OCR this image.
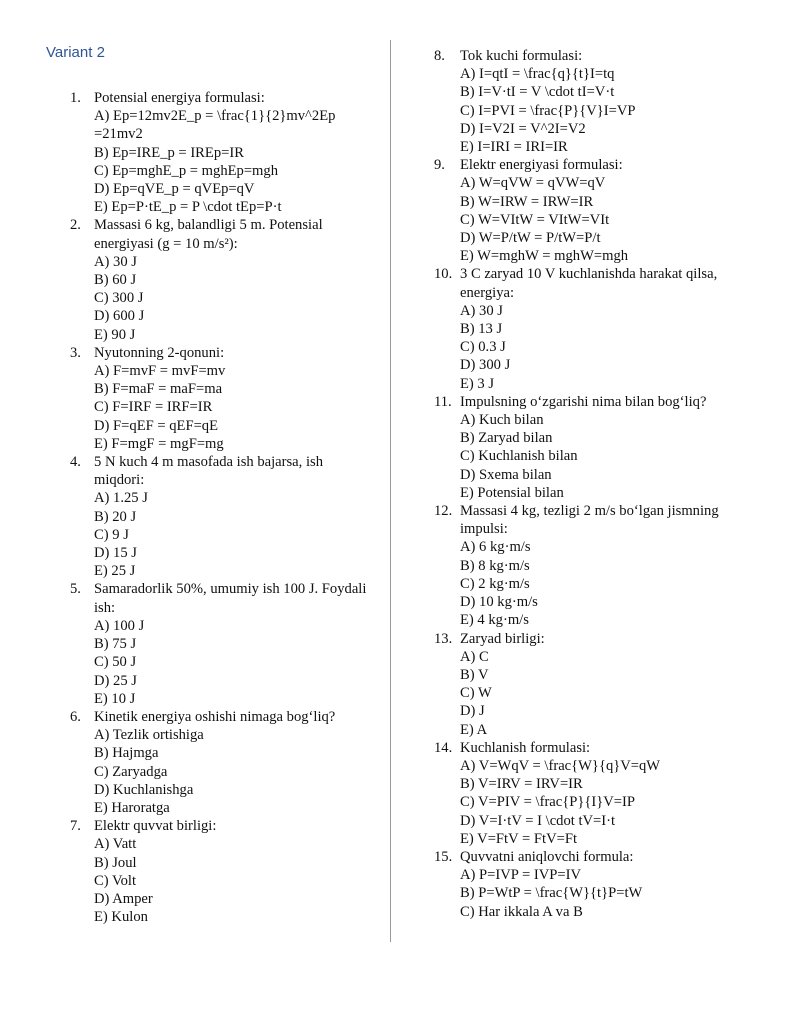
Variant 2
1. Potensial energiya formulasi:
A) Ep=12mv2E_p = \frac{1}{2}mv^2Ep =21mv2
B) Ep=IRE_p = IREp=IR
C) Ep=mghE_p = mghEp=mgh
D) Ep=qVE_p = qVEp=qV
E) Ep=P·tE_p = P \cdot tEp=P·t
2. Massasi 6 kg, balandligi 5 m. Potensial energiyasi (g = 10 m/s²):
A) 30 J
B) 60 J
C) 300 J
D) 600 J
E) 90 J
3. Nyutonning 2-qonuni:
A) F=mvF = mvF=mv
B) F=maF = maF=ma
C) F=IRF = IRF=IR
D) F=qEF = qEF=qE
E) F=mgF = mgF=mg
4. 5 N kuch 4 m masofada ish bajarsa, ish miqdori:
A) 1.25 J
B) 20 J
C) 9 J
D) 15 J
E) 25 J
5. Samaradorlik 50%, umumiy ish 100 J. Foydali ish:
A) 100 J
B) 75 J
C) 50 J
D) 25 J
E) 10 J
6. Kinetik energiya oshishi nimaga bog‘liq?
A) Tezlik ortishiga
B) Hajmga
C) Zaryadga
D) Kuchlanishga
E) Haroratga
7. Elektr quvvat birligi:
A) Vatt
B) Joul
C) Volt
D) Amper
E) Kulon
8.	Tok kuchi formulasi:
A) I=qtI = \frac{q}{t}I=tq
B) I=V·tI = V \cdot tI=V·t
C) I=PVI = \frac{P}{V}I=VP
D) I=V2I = V^2I=V2
E) I=IRI = IRI=IR
9.	Elektr energiyasi formulasi:
A) W=qVW = qVW=qV
B) W=IRW = IRW=IR
C) W=VItW = VItW=VIt
D) W=P/tW = P/tW=P/t
E) W=mghW = mghW=mgh
10. 3 C zaryad 10 V kuchlanishda harakat qilsa, energiya:
A) 30 J
B) 13 J
C) 0.3 J
D) 300 J
E) 3 J
11. Impulsning o‘zgarishi nima bilan bog‘liq?
A) Kuch bilan
B) Zaryad bilan
C) Kuchlanish bilan
D) Sxema bilan
E) Potensial bilan
12. Massasi 4 kg, tezligi 2 m/s bo‘lgan jismning impulsi:
A) 6 kg·m/s
B) 8 kg·m/s
C) 2 kg·m/s
D) 10 kg·m/s
E) 4 kg·m/s
13. Zaryad birligi:
A) C
B) V
C) W
D) J
E) A
14. Kuchlanish formulasi:
A) V=WqV = \frac{W}{q}V=qW
B) V=IRV = IRV=IR
C) V=PIV = \frac{P}{I}V=IP
D) V=I·tV = I \cdot tV=I·t
E) V=FtV = FtV=Ft
15. Quvvatni aniqlovchi formula:
A) P=IVP = IVP=IV
B) P=WtP = \frac{W}{t}P=tW
C) Har ikkala A va B
